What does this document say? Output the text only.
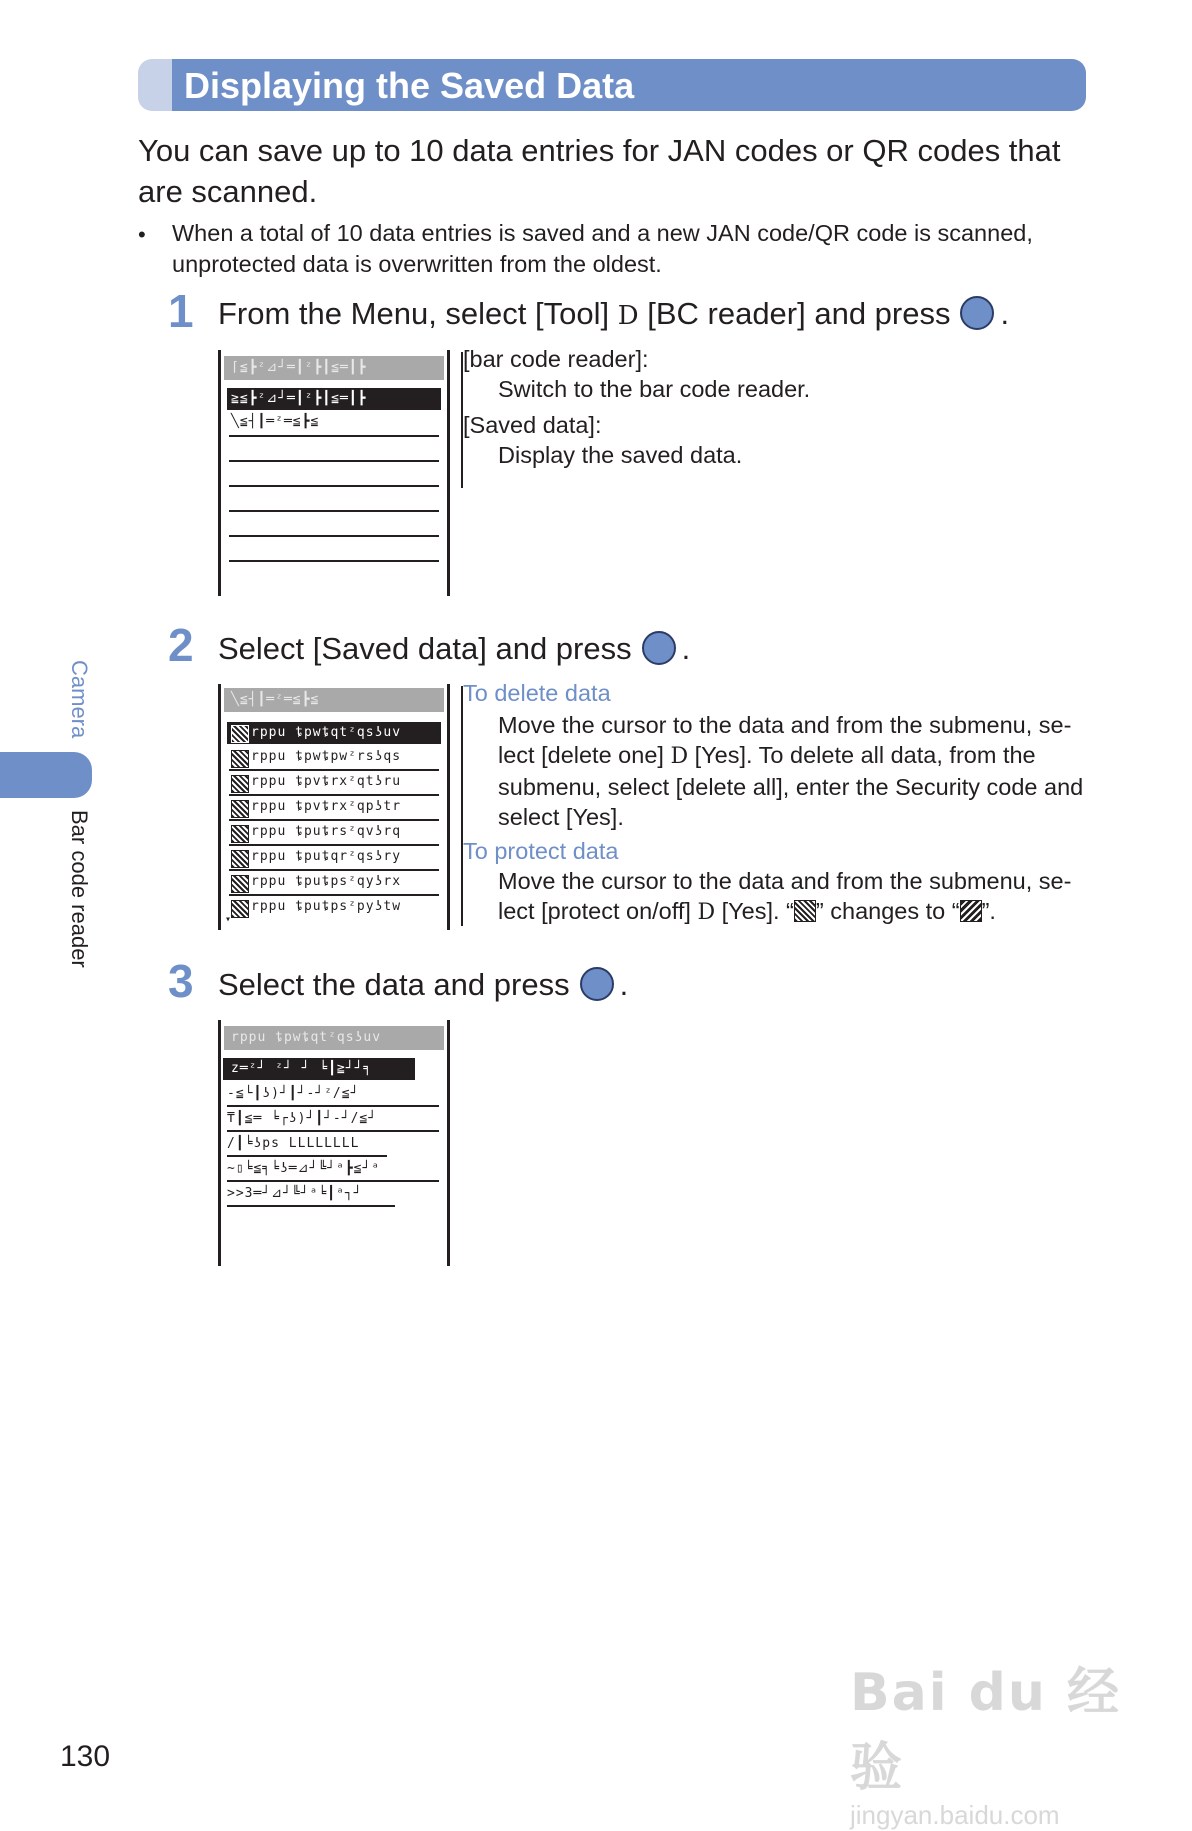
Displaying the Saved Data
You can save up to 10 data entries for JAN codes or QR codes that are scanned.
• When a total of 10 data entries is saved and a new JAN code/QR code is scanned, unprotected data is overwritten from the oldest.
1 From the Menu, select [Tool] D [BC reader] and press .
⌈≦┣ᶻ⊿┘═┃ᶻ┣┃≦═┃┣
≧≦┣ᶻ⊿┘═┃ᶻ┣┃≦═┃┣
╲≦┤┃═ᶻ═≦┣≦
[bar code reader]:
Switch to the bar code reader.
[Saved data]:
Display the saved data.
2 Select [Saved data] and press .
╲≦┤┃═ᶻ═≦┣≦
rppu ȶpwȶqtᶻqsʖuv
rppu ȶpwȶpwᶻrsʖqs
rppu ȶpvȶrxᶻqtʖru
rppu ȶpvȶrxᶻqpʖtr
rppu ȶpuȶrsᶻqvʖrq
rppu ȶpuȶqrᶻqsʖry
rppu ȶpuȶpsᶻqyʖrx
rppu ȶpuȶpsᶻpyʖtw
▾
To delete data
Move the cursor to the data and from the submenu, se-
lect [delete one] D [Yes]. To delete all data, from the
submenu, select [delete all], enter the Security code and
select [Yes].
To protect data
Move the cursor to the data and from the submenu, se-
lect [protect on/off] D [Yes]. “ ” changes to “ ”.
3 Select the data and press .
rppu ȶpwȶqtᶻqsʖuv
z═ᶻ┘ ᶻ┘ ┘ ╘┃≧┘┘╕
-≦└┃ʖ)┘┃┘-┘ᶻ/≦┘
₸┃≦═ ╘┌ʖ)┘┃┘-┘/≦┘
/┃╘ʖps LLLLLLLL
~▯╘≦╕╘ʖ═⊿┘╚┘ᵃ┣≦┘ᵃ
>>3═┘⊿┘╚┘ᵃ╘┃ᵃ┐┘
Camera
Bar code reader
130
Bai du 经验
jingyan.baidu.com
